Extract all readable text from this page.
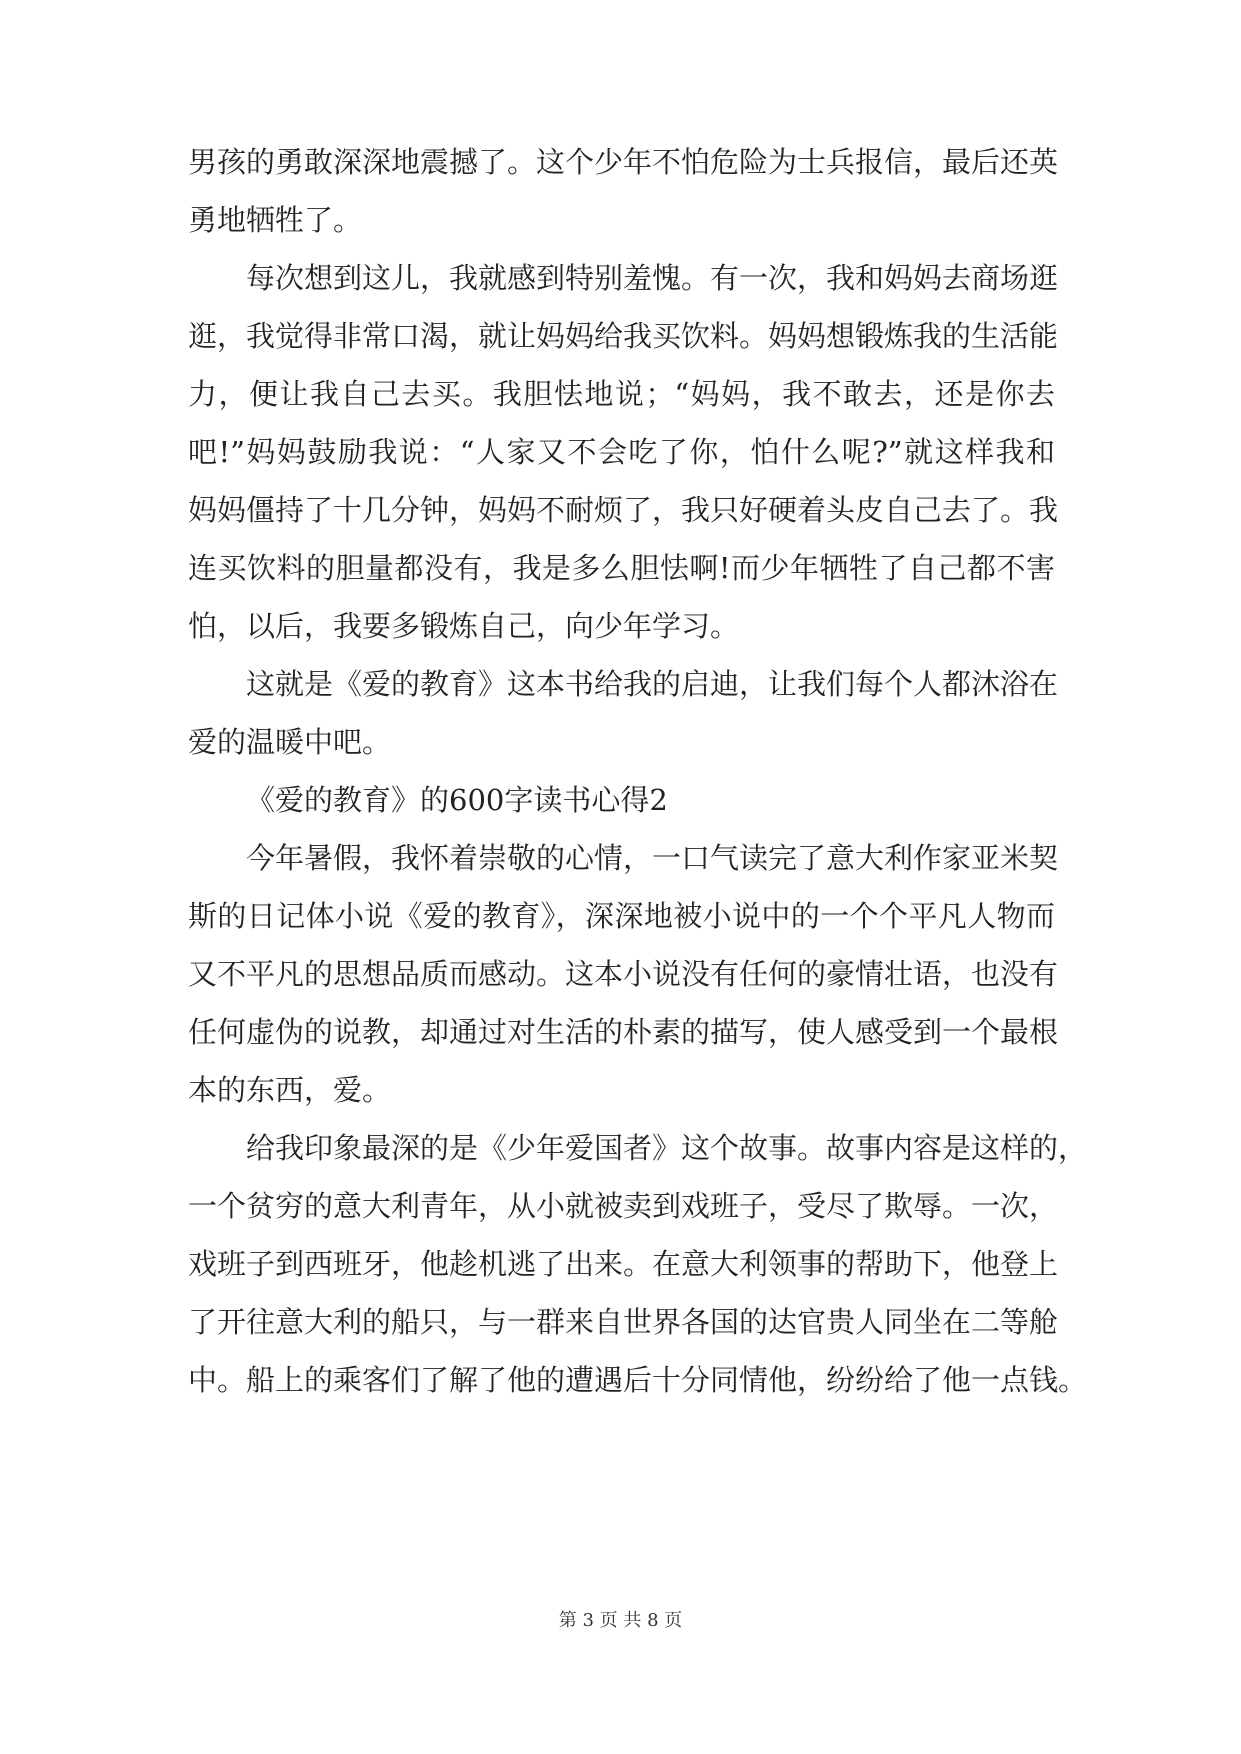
男孩的勇敢深深地震撼了。这个少年不怕危险为士兵报信，最后还英
勇地牺牲了。
每次想到这儿，我就感到特别羞愧。有一次，我和妈妈去商场逛
逛，我觉得非常口渴，就让妈妈给我买饮料。妈妈想锻炼我的生活能
力，便让我自己去买。我胆怯地说；“妈妈，我不敢去，还是你去
吧!”妈妈鼓励我说：“人家又不会吃了你，怕什么呢?”就这样我和
妈妈僵持了十几分钟，妈妈不耐烦了，我只好硬着头皮自己去了。我
连买饮料的胆量都没有，我是多么胆怯啊!而少年牺牲了自己都不害
怕，以后，我要多锻炼自己，向少年学习。
这就是《爱的教育》这本书给我的启迪，让我们每个人都沐浴在
爱的温暖中吧。
《爱的教育》的600字读书心得2
今年暑假，我怀着崇敬的心情，一口气读完了意大利作家亚米契
斯的日记体小说《爱的教育》，深深地被小说中的一个个平凡人物而
又不平凡的思想品质而感动。这本小说没有任何的豪情壮语，也没有
任何虚伪的说教，却通过对生活的朴素的描写，使人感受到一个最根
本的东西，爱。
给我印象最深的是《少年爱国者》这个故事。故事内容是这样的，
一个贫穷的意大利青年，从小就被卖到戏班子，受尽了欺辱。一次，
戏班子到西班牙，他趁机逃了出来。在意大利领事的帮助下，他登上
了开往意大利的船只，与一群来自世界各国的达官贵人同坐在二等舱
中。船上的乘客们了解了他的遭遇后十分同情他，纷纷给了他一点钱。
第 3 页 共 8 页
